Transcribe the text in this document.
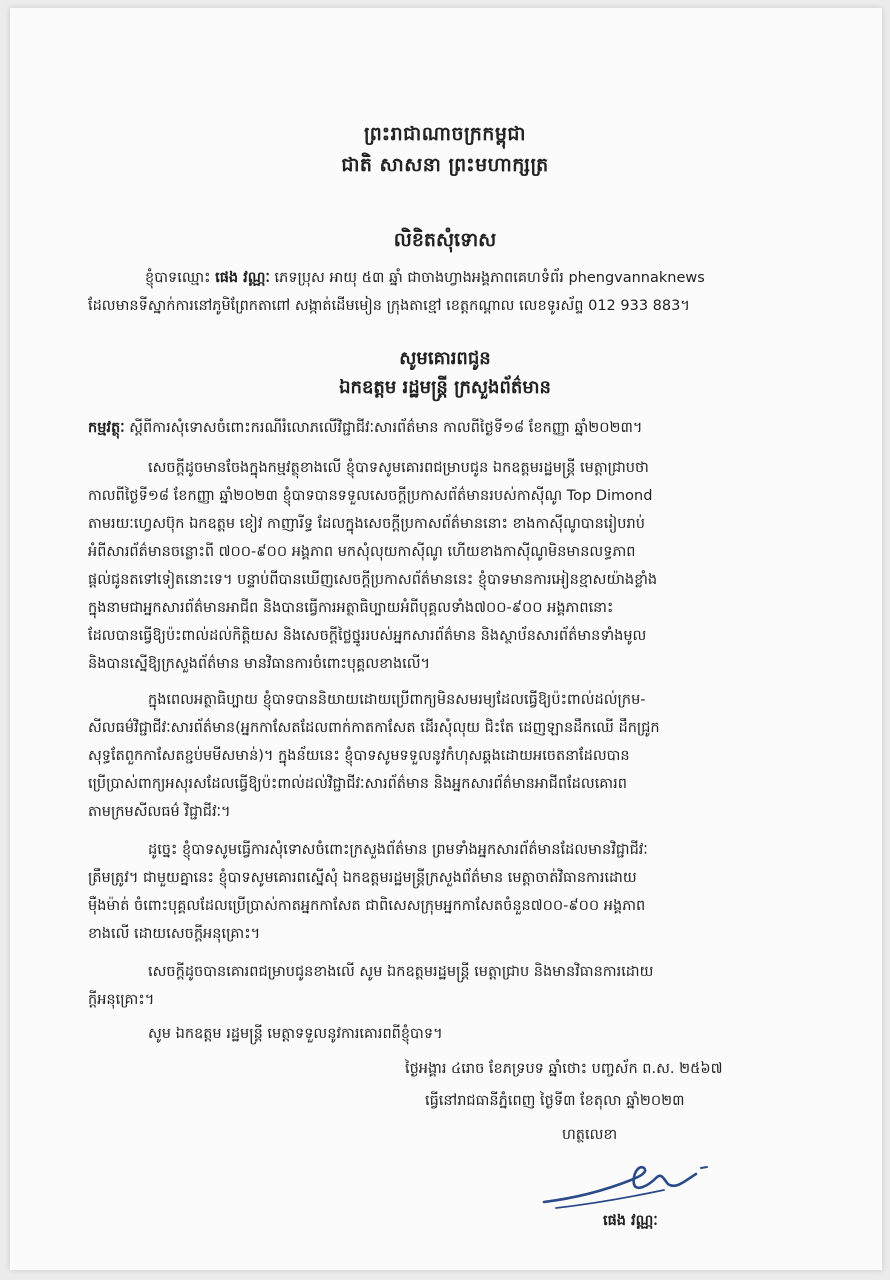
ព្រះរាជាណាចក្រកម្ពុជា
ជាតិ សាសនា ព្រះមហាក្សត្រ
លិខិតសុំទោស
ខ្ញុំបាទឈ្មោះ ផេង វណ្ណៈ ភេទប្រុស អាយុ ៥៣ ឆ្នាំ ជាចាងហ្វាងអង្គភាពគេហទំព័រ phengvannaknews
ដែលមានទីស្នាក់ការនៅភូមិព្រែកតាពៅ សង្កាត់ដើមមៀន ក្រុងតាខ្មៅ ខេត្តកណ្តាល លេខទូរស័ព្ទ 012 933 883។
សូមគោរពជូន
ឯកឧត្តម រដ្ឋមន្ត្រី ក្រសួងព័ត៌មាន
កម្មវត្ថុៈ ស្តីពីការសុំទោសចំពោះករណីរំលោភលើវិជ្ជាជីវៈសារព័ត៌មាន កាលពីថ្ងៃទី១៨ ខែកញ្ញា ឆ្នាំ២០២៣។
សេចក្តីដូចមានចែងក្នុងកម្មវត្ថុខាងលើ ខ្ញុំបាទសូមគោរពជម្រាបជូន ឯកឧត្តមរដ្ឋមន្ត្រី មេត្តាជ្រាបថា
កាលពីថ្ងៃទី១៨ ខែកញ្ញា ឆ្នាំ២០២៣ ខ្ញុំបាទបានទទួលសេចក្តីប្រកាសព័ត៌មានរបស់កាស៊ីណូ Top Dimond
តាមរយៈហ្វេសប៊ុក ឯកឧត្តម ខៀវ កាញារីទ្ធ ដែលក្នុងសេចក្តីប្រកាសព័ត៌មាននោះ ខាងកាស៊ីណូបានរៀបរាប់
អំពីសារព័ត៌មានចន្លោះពី ៧០០-៩០០ អង្គភាព មកសុំលុយកាស៊ីណូ ហើយខាងកាស៊ីណូមិនមានលទ្ធភាព
ផ្តល់ជូនតទៅទៀតនោះទេ។ បន្ទាប់ពីបានឃើញសេចក្តីប្រកាសព័ត៌មាននេះ ខ្ញុំបាទមានការអៀនខ្មាសយ៉ាងខ្លាំង
ក្នុងនាមជាអ្នកសារព័ត៌មានអាជីព និងបានធ្វើការអត្ថាធិប្បាយអំពីបុគ្គលទាំង៧០០-៩០០ អង្គភាពនោះ
ដែលបានធ្វើឱ្យប៉ះពាល់ដល់កិត្តិយស និងសេចក្តីថ្លៃថ្នូររបស់អ្នកសារព័ត៌មាន និងស្ថាប័នសារព័ត៌មានទាំងមូល
និងបានស្នើឱ្យក្រសួងព័ត៌មាន មានវិធានការចំពោះបុគ្គលខាងលើ។
ក្នុងពេលអត្ថាធិប្បាយ ខ្ញុំបាទបាននិយាយដោយប្រើពាក្យមិនសមរម្យដែលធ្វើឱ្យប៉ះពាល់ដល់ក្រម-
សីលធម៌វិជ្ជាជីវៈសារព័ត៌មាន(អ្នកកាសែតដែលពាក់កាតកាសែត ដើរសុំលុយ ជិះតែ ដេញឡានដឹកឈើ ដឹកជ្រូក
សុទ្ធតែពួកកាសែតខ្ជប់មមីសមាន់)។ ក្នុងន័យនេះ ខ្ញុំបាទសូមទទួលនូវកំហុសឆ្គងដោយអចេតនាដែលបាន
ប្រើប្រាស់ពាក្យអសុរសដែលធ្វើឱ្យប៉ះពាល់ដល់វិជ្ជាជីវៈសារព័ត៌មាន និងអ្នកសារព័ត៌មានអាជីពដែលគោរព
តាមក្រមសីលធម៌ វិជ្ជាជីវៈ។
ដូច្នេះ ខ្ញុំបាទសូមធ្វើការសុំទោសចំពោះក្រសួងព័ត៌មាន ព្រមទាំងអ្នកសារព័ត៌មានដែលមានវិជ្ជាជីវៈ
ត្រឹមត្រូវ។ ជាមួយគ្នានេះ ខ្ញុំបាទសូមគោរពស្នើសុំ ឯកឧត្តមរដ្ឋមន្ត្រីក្រសួងព័ត៌មាន មេត្តាចាត់វិធានការដោយ
ម៉ឺងម៉ាត់ ចំពោះបុគ្គលដែលប្រើប្រាស់កាតអ្នកកាសែត ជាពិសេសក្រុមអ្នកកាសែតចំនួន៧០០-៩០០ អង្គភាព
ខាងលើ ដោយសេចក្តីអនុគ្រោះ។
សេចក្តីដូចបានគោរពជម្រាបជូនខាងលើ សូម ឯកឧត្តមរដ្ឋមន្ត្រី មេត្តាជ្រាប និងមានវិធានការដោយ
ក្តីអនុគ្រោះ។
សូម ឯកឧត្តម រដ្ឋមន្ត្រី មេត្តាទទួលនូវការគោរពពីខ្ញុំបាទ។
ថ្ងៃអង្គារ ៤រោច ខែភទ្របទ ឆ្នាំថោះ បញ្ចស័ក ព.ស. ២៥៦៧
ធ្វើនៅរាជធានីភ្នំពេញ ថ្ងៃទី៣ ខែតុលា ឆ្នាំ២០២៣
ហត្ថលេខា
ផេង វណ្ណៈ
